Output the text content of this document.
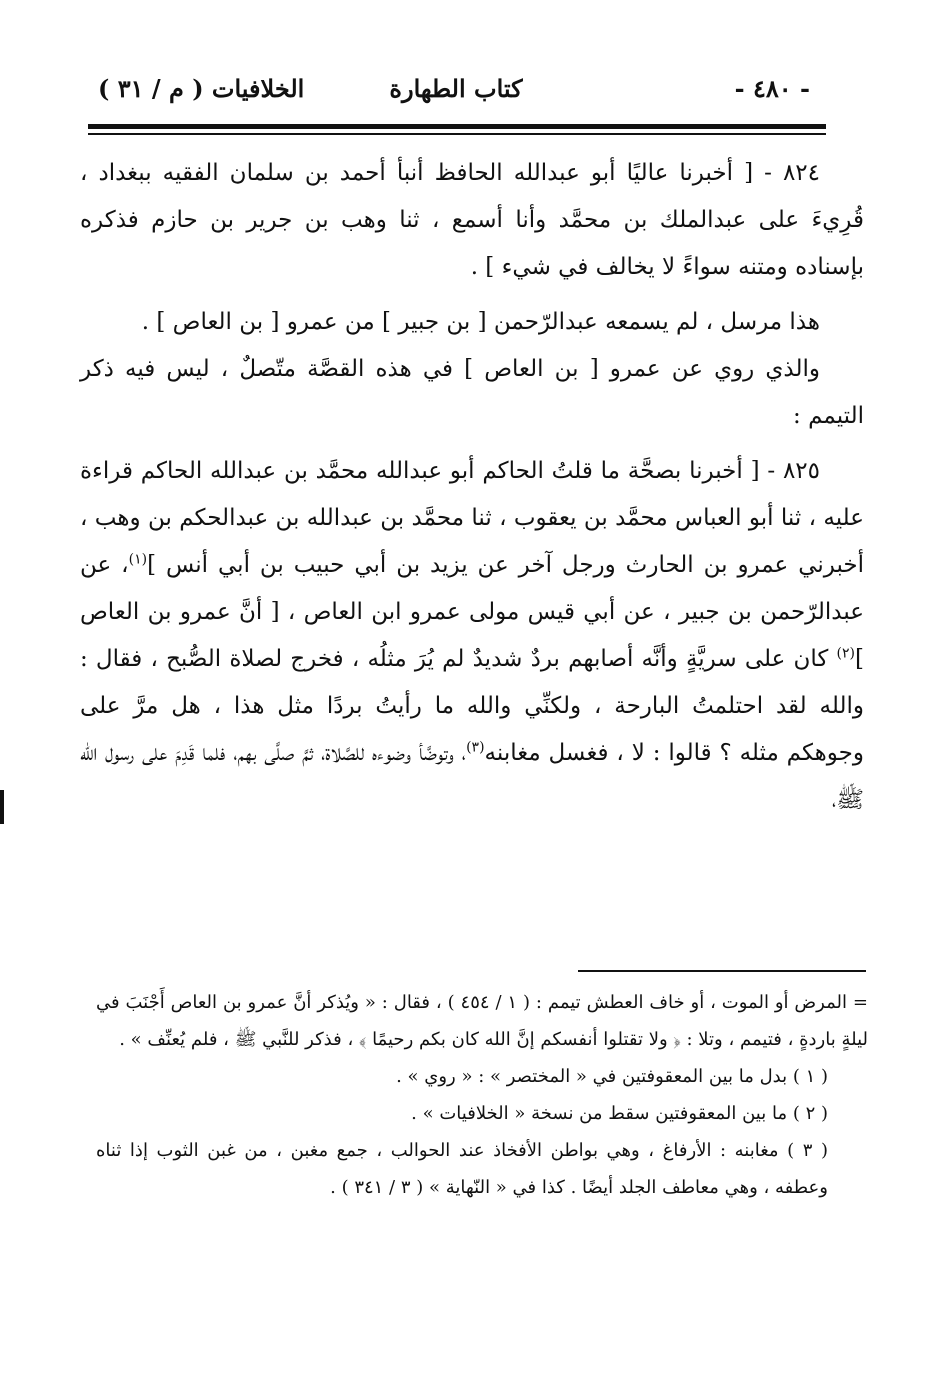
- ٤٨٠ -
كتاب الطهارة
الخلافيات ( م / ٣١ )

٨٢٤ - [ أخبرنا عاليًا أبو عبدالله الحافظ أنبأ أحمد بن سلمان الفقيه ببغداد ، قُرِيءَ على عبدالملك بن محمَّد وأنا أسمع ، ثنا وهب بن جرير بن حازم فذكره بإسناده ومتنه سواءً لا يخالف في شيء ] .

هذا مرسل ، لم يسمعه عبدالرّحمن [ بن جبير ] من عمرو [ بن العاص ] .

والذي روي عن عمرو [ بن العاص ] في هذه القصَّة متّصلٌ ، ليس فيه ذكر التيمم :

٨٢٥ - [ أخبرنا بصحَّة ما قلتُ الحاكم أبو عبدالله محمَّد بن عبدالله الحاكم قراءة عليه ، ثنا أبو العباس محمَّد بن يعقوب ، ثنا محمَّد بن عبدالله بن عبدالحكم بن وهب ، أخبرني عمرو بن الحارث ورجل آخر عن يزيد بن أبي حبيب بن أبي أنس ]$^{(١)}$، عن عبدالرّحمن بن جبير ، عن أبي قيس مولى عمرو ابن العاص ، [ أنَّ عمرو بن العاص ]$^{(٢)}$ كان على سريَّةٍ وأنَّه أصابهم بردٌ شديدٌ لم يُرَ مثلُه ، فخرج لصلاة الصُّبح ، فقال : والله لقد احتلمتُ البارحة ، ولكنِّي والله ما رأيتُ بردًا مثل هذا ، هل مرَّ على وجوهكم مثله ؟ قالوا : لا ، فغسل مغابنه$^{(٣)}$، وتوضَّأ وضوءه للصَّلاة، ثمَّ صلَّى بهم، فلما قَدِمَ على رسول الله ﷺ،

= المرض أو الموت ، أو خاف العطش تيمم : ( ١ / ٤٥٤ ) ، فقال : « ويُذكر أنَّ عمرو بن العاص أَجْنَبَ في ليلةٍ باردةٍ ، فتيمم ، وتلا : ﴿ ولا تقتلوا أنفسكم إنَّ الله كان بكم رحيمًا ﴾ ، فذكر للنَّبي ﷺ ، فلم يُعنِّف » .

( ١ ) بدل ما بين المعقوفتين في « المختصر » : « روي » .

( ٢ ) ما بين المعقوفتين سقط من نسخة « الخلافيات » .

( ٣ ) مغابنه : الأرفاغ ، وهي بواطن الأفخاذ عند الحوالب ، جمع مغبن ، من غبن الثوب إذا ثناه وعطفه ، وهي معاطف الجلد أيضًا . كذا في « النّهاية » ( ٣ / ٣٤١ ) .
